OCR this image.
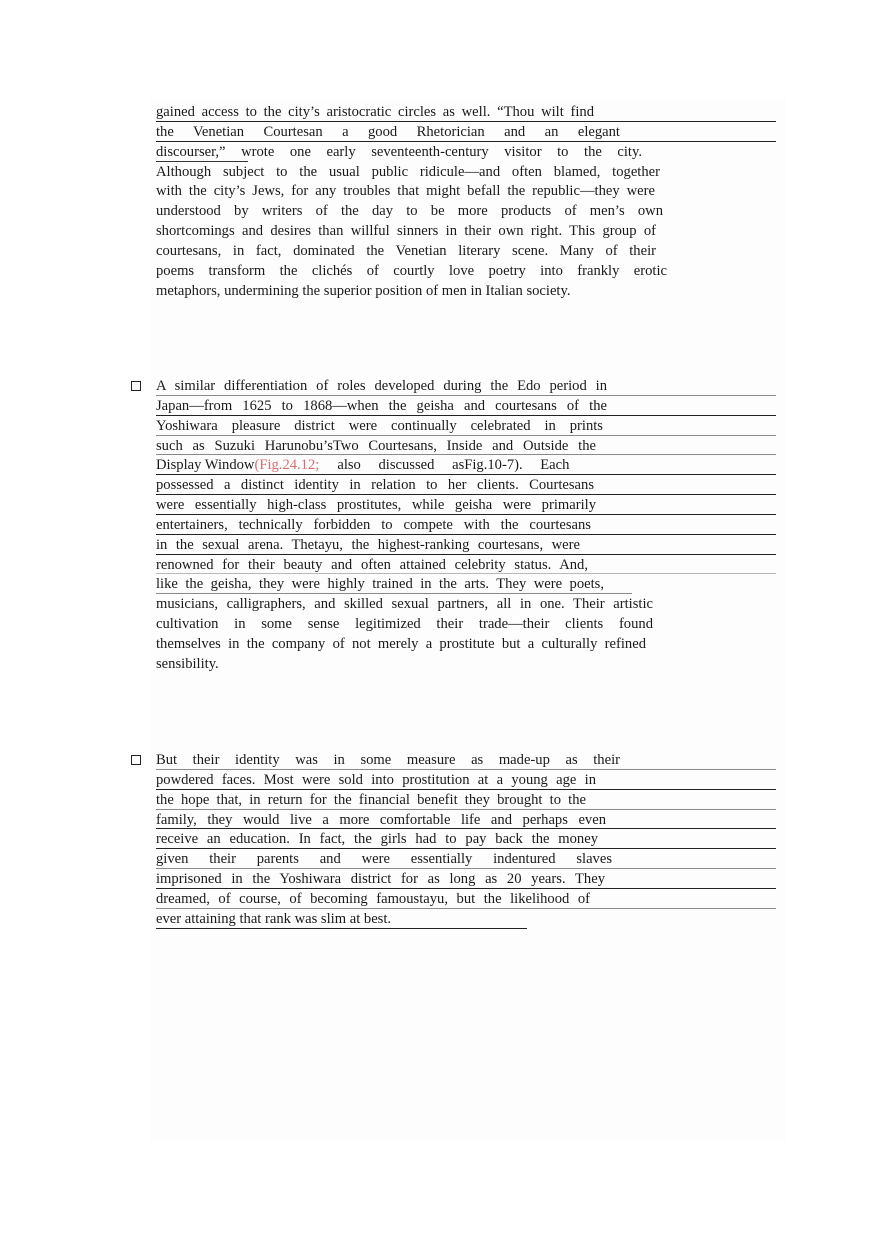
gained access to the city’s aristocratic circles as well. “Thou wilt find
the Venetian Courtesan a good Rhetorician and an elegant
discourser,” wrote one early seventeenth-century visitor to the city.
Although subject to the usual public ridicule—and often blamed, together
with the city’s Jews, for any troubles that might befall the republic—they were
understood by writers of the day to be more products of men’s own
shortcomings and desires than willful sinners in their own right. This group of
courtesans, in fact, dominated the Venetian literary scene. Many of their
poems transform the clichés of courtly love poetry into frankly erotic
metaphors, undermining the superior position of men in Italian society.
A similar differentiation of roles developed during the Edo period in
Japan—from 1625 to 1868—when the geisha and courtesans of the
Yoshiwara pleasure district were continually celebrated in prints
such as Suzuki Harunobu’sTwo Courtesans, Inside and Outside the
Display Window(Fig.24.12; also discussed asFig.10-7). Each
possessed a distinct identity in relation to her clients. Courtesans
were essentially high-class prostitutes, while geisha were primarily
entertainers, technically forbidden to compete with the courtesans
in the sexual arena. Thetayu, the highest-ranking courtesans, were
renowned for their beauty and often attained celebrity status. And,
like the geisha, they were highly trained in the arts. They were poets,
musicians, calligraphers, and skilled sexual partners, all in one. Their artistic
cultivation in some sense legitimized their trade—their clients found
themselves in the company of not merely a prostitute but a culturally refined
sensibility.
But their identity was in some measure as made-up as their
powdered faces. Most were sold into prostitution at a young age in
the hope that, in return for the financial benefit they brought to the
family, they would live a more comfortable life and perhaps even
receive an education. In fact, the girls had to pay back the money
given their parents and were essentially indentured slaves
imprisoned in the Yoshiwara district for as long as 20 years. They
dreamed, of course, of becoming famoustayu, but the likelihood of
ever attaining that rank was slim at best.
